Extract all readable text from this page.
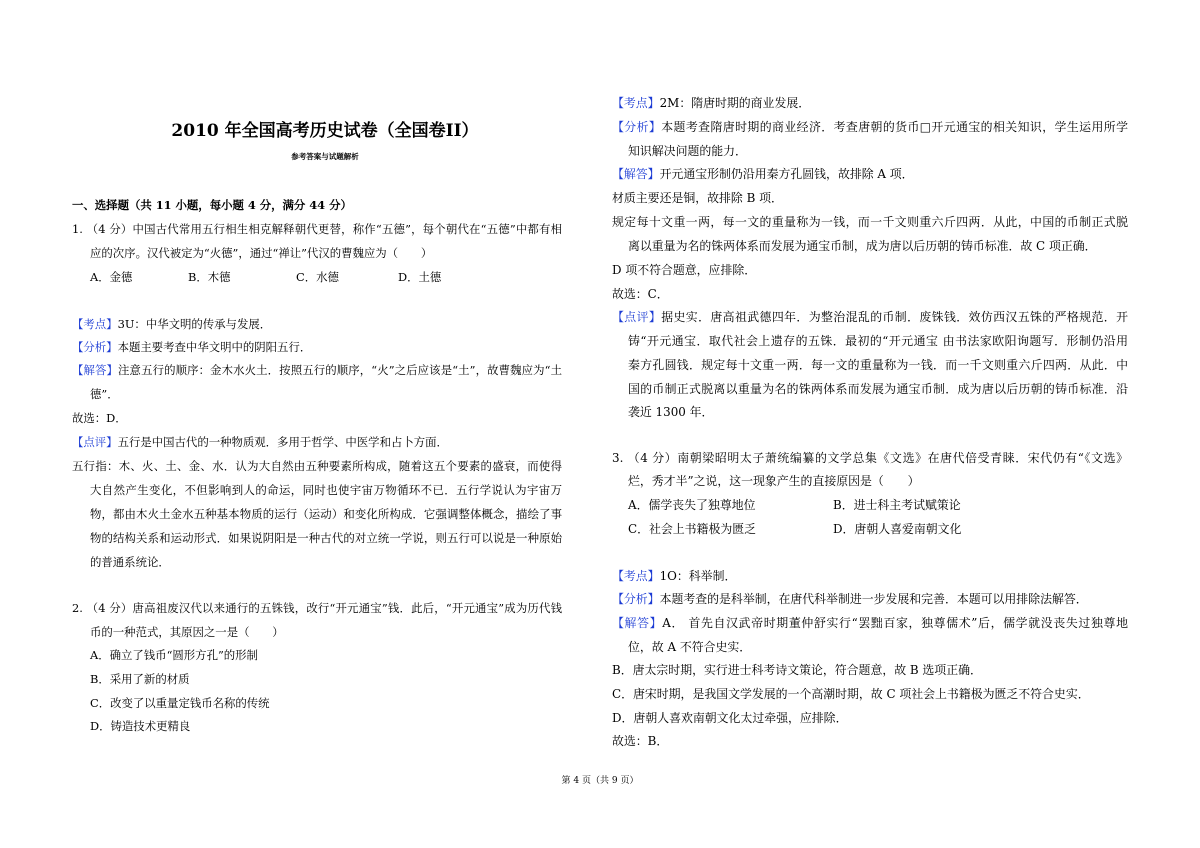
2010 年全国高考历史试卷（全国卷II）
参考答案与试题解析
一、选择题（共 11 小题，每小题 4 分，满分 44 分）
1. （4 分）中国古代常用五行相生相克解释朝代更替，称作“五德”，每个朝代在“五德”中都有相
应的次序。汉代被定为“火德”，通过“禅让”代汉的曹魏应为（　　）
A．金德	B．木德	C．水德	D．土德
【考点】3U：中华文明的传承与发展．
【分析】本题主要考查中华文明中的阴阳五行．
【解答】注意五行的顺序：金木水火土．按照五行的顺序，“火”之后应该是“土”，故曹魏应为“土
德”．
故选：D．
【点评】五行是中国古代的一种物质观．多用于哲学、中医学和占卜方面．
五行指：木、火、土、金、水．认为大自然由五种要素所构成，随着这五个要素的盛衰，而使得
大自然产生变化，不但影响到人的命运，同时也使宇宙万物循环不已．五行学说认为宇宙万
物，都由木火土金水五种基本物质的运行（运动）和变化所构成．它强调整体概念，描绘了事
物的结构关系和运动形式．如果说阴阳是一种古代的对立统一学说，则五行可以说是一种原始
的普通系统论．
2. （4 分）唐高祖废汉代以来通行的五铢钱，改行“开元通宝”钱．此后，“开元通宝”成为历代钱
币的一种范式，其原因之一是（　　）
A．确立了钱币“圆形方孔”的形制
B．采用了新的材质
C．改变了以重量定钱币名称的传统
D．铸造技术更精良
【考点】2M：隋唐时期的商业发展．
【分析】本题考查隋唐时期的商业经济．考查唐朝的货币□开元通宝的相关知识，学生运用所学
知识解决问题的能力．
【解答】开元通宝形制仍沿用秦方孔圆钱，故排除 A 项．
材质主要还是铜，故排除 B 项．
规定每十文重一两，每一文的重量称为一钱，而一千文则重六斤四两．从此，中国的币制正式脱
离以重量为名的铢两体系而发展为通宝币制，成为唐以后历朝的铸币标准．故 C 项正确．
D 项不符合题意，应排除．
故选：C．
【点评】据史实．唐高祖武德四年．为整治混乱的币制．废铢钱．效仿西汉五铢的严格规范．开
铸“开元通宝．取代社会上遗存的五铢．最初的“开元通宝 由书法家欧阳询题写．形制仍沿用
秦方孔圆钱．规定每十文重一两．每一文的重量称为一钱．而一千文则重六斤四两．从此．中
国的币制正式脱离以重量为名的铢两体系而发展为通宝币制．成为唐以后历朝的铸币标准．沿
袭近 1300 年．
3. （4 分）南朝梁昭明太子萧统编纂的文学总集《文选》在唐代倍受青睐．宋代仍有“《文选》
烂，秀才半”之说，这一现象产生的直接原因是（　　）
A．儒学丧失了独尊地位	B．进士科主考试赋策论
C．社会上书籍极为匮乏	D．唐朝人喜爱南朝文化
【考点】1O：科举制．
【分析】本题考查的是科举制，在唐代科举制进一步发展和完善．本题可以用排除法解答．
【解答】A． 首先自汉武帝时期董仲舒实行“罢黜百家，独尊儒术”后，儒学就没丧失过独尊地
位，故 A 不符合史实．
B．唐太宗时期，实行进士科考诗文策论，符合题意，故 B 选项正确．
C．唐宋时期，是我国文学发展的一个高潮时期，故 C 项社会上书籍极为匮乏不符合史实．
D．唐朝人喜欢南朝文化太过牵强，应排除．
故选：B．
第 4 页（共 9 页）
